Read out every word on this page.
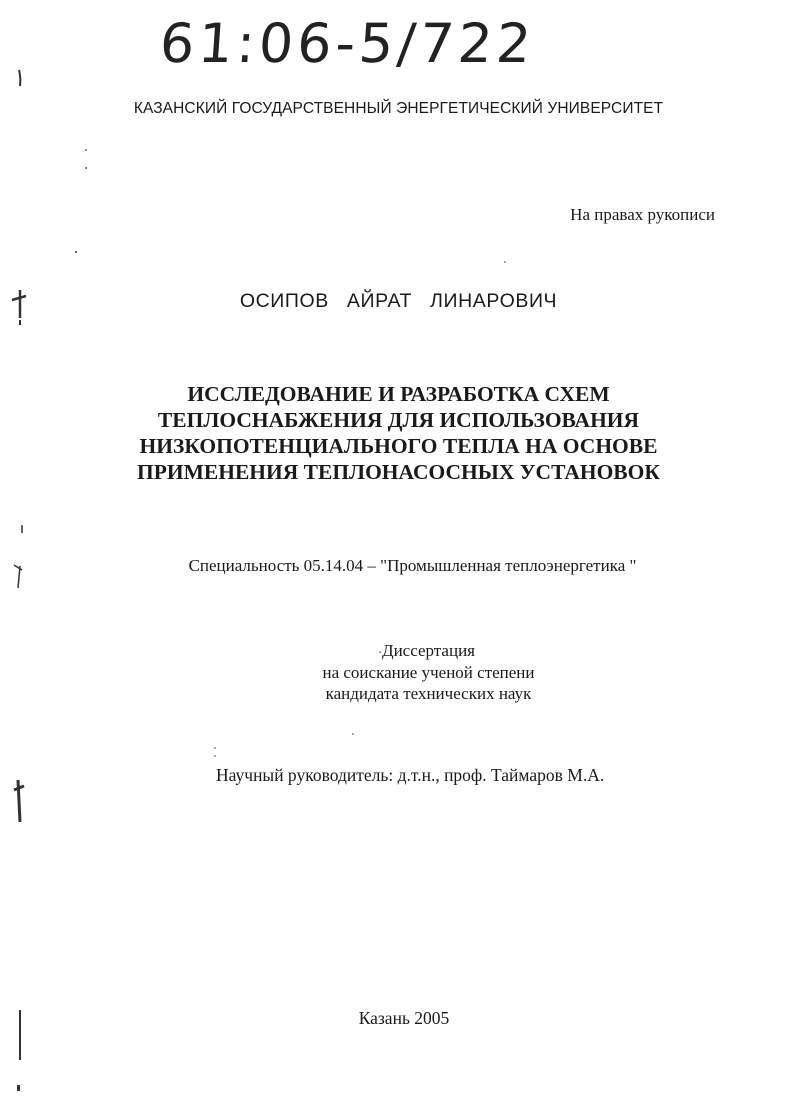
61:06-5/722
КАЗАНСКИЙ ГОСУДАРСТВЕННЫЙ ЭНЕРГЕТИЧЕСКИЙ УНИВЕРСИТЕТ
На правах рукописи
ОСИПОВ   АЙРАТ   ЛИНАРОВИЧ
ИССЛЕДОВАНИЕ И РАЗРАБОТКА СХЕМ
ТЕПЛОСНАБЖЕНИЯ ДЛЯ ИСПОЛЬЗОВАНИЯ
НИЗКОПОТЕНЦИАЛЬНОГО ТЕПЛА НА ОСНОВЕ
ПРИМЕНЕНИЯ ТЕПЛОНАСОСНЫХ УСТАНОВОК
Специальность 05.14.04 – "Промышленная теплоэнергетика "
Диссертация
на соискание ученой степени
кандидата технических наук
Научный руководитель: д.т.н., проф. Таймаров М.А.
Казань 2005
